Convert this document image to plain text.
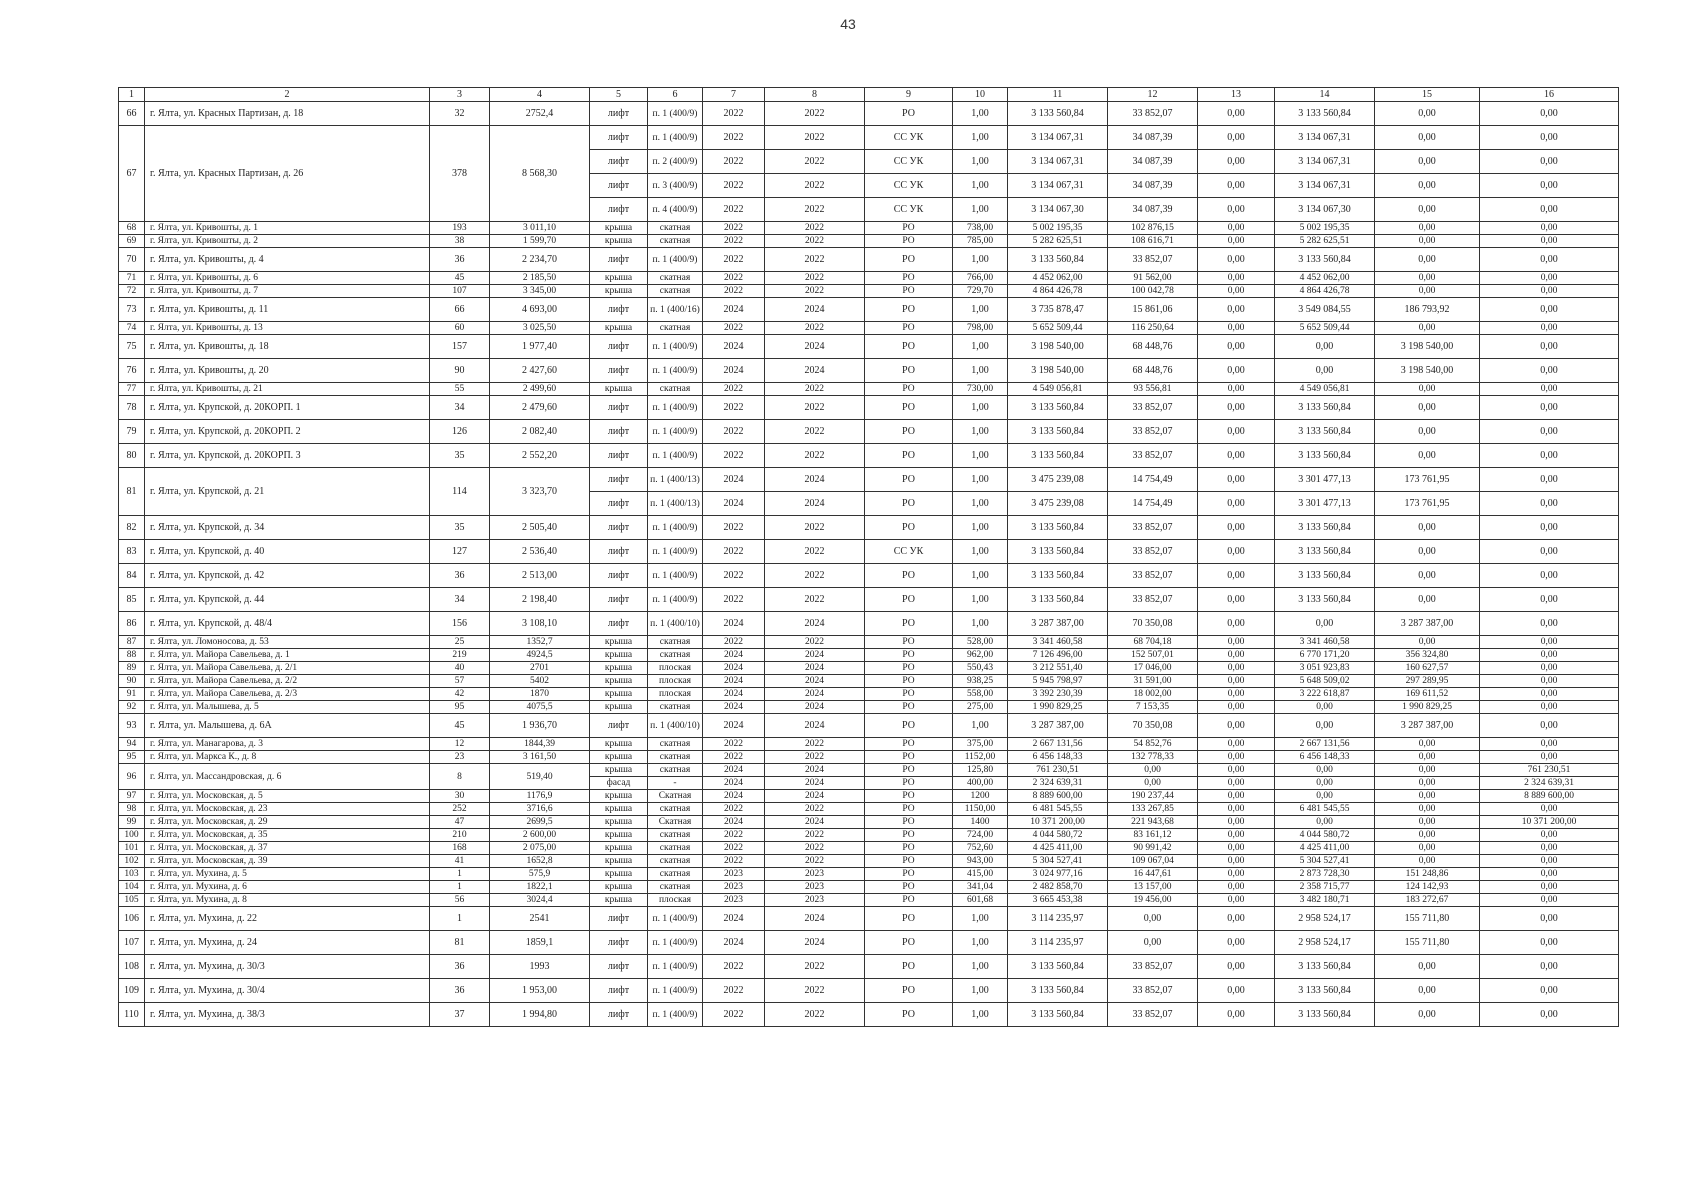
43
1	2	3	4	5	6	7	8	9	10	11	12	13	14	15	16
66	г. Ялта, ул. Красных Партизан, д. 18	32	2752,4	лифт	п. 1 (400/9)	2022	2022	РО	1,00	3 133 560,84	33 852,07	0,00	3 133 560,84	0,00	0,00
67	г. Ялта, ул. Красных Партизан, д. 26	378	8 568,30	лифт	п. 1 (400/9)	2022	2022	СС УК	1,00	3 134 067,31	34 087,39	0,00	3 134 067,31	0,00	0,00
				лифт	п. 2 (400/9)	2022	2022	СС УК	1,00	3 134 067,31	34 087,39	0,00	3 134 067,31	0,00	0,00
				лифт	п. 3 (400/9)	2022	2022	СС УК	1,00	3 134 067,31	34 087,39	0,00	3 134 067,31	0,00	0,00
				лифт	п. 4 (400/9)	2022	2022	СС УК	1,00	3 134 067,30	34 087,39	0,00	3 134 067,30	0,00	0,00
68	г. Ялта, ул. Кривошты, д. 1	193	3 011,10	крыша	скатная	2022	2022	РО	738,00	5 002 195,35	102 876,15	0,00	5 002 195,35	0,00	0,00
69	г. Ялта, ул. Кривошты, д. 2	38	1 599,70	крыша	скатная	2022	2022	РО	785,00	5 282 625,51	108 616,71	0,00	5 282 625,51	0,00	0,00
70	г. Ялта, ул. Кривошты, д. 4	36	2 234,70	лифт	п. 1 (400/9)	2022	2022	РО	1,00	3 133 560,84	33 852,07	0,00	3 133 560,84	0,00	0,00
71	г. Ялта, ул. Кривошты, д. 6	45	2 185,50	крыша	скатная	2022	2022	РО	766,00	4 452 062,00	91 562,00	0,00	4 452 062,00	0,00	0,00
72	г. Ялта, ул. Кривошты, д. 7	107	3 345,00	крыша	скатная	2022	2022	РО	729,70	4 864 426,78	100 042,78	0,00	4 864 426,78	0,00	0,00
73	г. Ялта, ул. Кривошты, д. 11	66	4 693,00	лифт	п. 1 (400/16)	2024	2024	РО	1,00	3 735 878,47	15 861,06	0,00	3 549 084,55	186 793,92	0,00
74	г. Ялта, ул. Кривошты, д. 13	60	3 025,50	крыша	скатная	2022	2022	РО	798,00	5 652 509,44	116 250,64	0,00	5 652 509,44	0,00	0,00
75	г. Ялта, ул. Кривошты, д. 18	157	1 977,40	лифт	п. 1 (400/9)	2024	2024	РО	1,00	3 198 540,00	68 448,76	0,00	0,00	3 198 540,00	0,00
76	г. Ялта, ул. Кривошты, д. 20	90	2 427,60	лифт	п. 1 (400/9)	2024	2024	РО	1,00	3 198 540,00	68 448,76	0,00	0,00	3 198 540,00	0,00
77	г. Ялта, ул. Кривошты, д. 21	55	2 499,60	крыша	скатная	2022	2022	РО	730,00	4 549 056,81	93 556,81	0,00	4 549 056,81	0,00	0,00
78	г. Ялта, ул. Крупской, д. 20КОРП. 1	34	2 479,60	лифт	п. 1 (400/9)	2022	2022	РО	1,00	3 133 560,84	33 852,07	0,00	3 133 560,84	0,00	0,00
79	г. Ялта, ул. Крупской, д. 20КОРП. 2	126	2 082,40	лифт	п. 1 (400/9)	2022	2022	РО	1,00	3 133 560,84	33 852,07	0,00	3 133 560,84	0,00	0,00
80	г. Ялта, ул. Крупской, д. 20КОРП. 3	35	2 552,20	лифт	п. 1 (400/9)	2022	2022	РО	1,00	3 133 560,84	33 852,07	0,00	3 133 560,84	0,00	0,00
81	г. Ялта, ул. Крупской, д. 21	114	3 323,70	лифт	п. 1 (400/13)	2024	2024	РО	1,00	3 475 239,08	14 754,49	0,00	3 301 477,13	173 761,95	0,00
				лифт	п. 1 (400/13)	2024	2024	РО	1,00	3 475 239,08	14 754,49	0,00	3 301 477,13	173 761,95	0,00
82	г. Ялта, ул. Крупской, д. 34	35	2 505,40	лифт	п. 1 (400/9)	2022	2022	РО	1,00	3 133 560,84	33 852,07	0,00	3 133 560,84	0,00	0,00
83	г. Ялта, ул. Крупской, д. 40	127	2 536,40	лифт	п. 1 (400/9)	2022	2022	СС УК	1,00	3 133 560,84	33 852,07	0,00	3 133 560,84	0,00	0,00
84	г. Ялта, ул. Крупской, д. 42	36	2 513,00	лифт	п. 1 (400/9)	2022	2022	РО	1,00	3 133 560,84	33 852,07	0,00	3 133 560,84	0,00	0,00
85	г. Ялта, ул. Крупской, д. 44	34	2 198,40	лифт	п. 1 (400/9)	2022	2022	РО	1,00	3 133 560,84	33 852,07	0,00	3 133 560,84	0,00	0,00
86	г. Ялта, ул. Крупской, д. 48/4	156	3 108,10	лифт	п. 1 (400/10)	2024	2024	РО	1,00	3 287 387,00	70 350,08	0,00	0,00	3 287 387,00	0,00
87	г. Ялта, ул. Ломоносова, д. 53	25	1352,7	крыша	скатная	2022	2022	РО	528,00	3 341 460,58	68 704,18	0,00	3 341 460,58	0,00	0,00
88	г. Ялта, ул. Майора Савельева, д. 1	219	4924,5	крыша	скатная	2024	2024	РО	962,00	7 126 496,00	152 507,01	0,00	6 770 171,20	356 324,80	0,00
89	г. Ялта, ул. Майора Савельева, д. 2/1	40	2701	крыша	плоская	2024	2024	РО	550,43	3 212 551,40	17 046,00	0,00	3 051 923,83	160 627,57	0,00
90	г. Ялта, ул. Майора Савельева, д. 2/2	57	5402	крыша	плоская	2024	2024	РО	938,25	5 945 798,97	31 591,00	0,00	5 648 509,02	297 289,95	0,00
91	г. Ялта, ул. Майора Савельева, д. 2/3	42	1870	крыша	плоская	2024	2024	РО	558,00	3 392 230,39	18 002,00	0,00	3 222 618,87	169 611,52	0,00
92	г. Ялта, ул. Малышева, д. 5	95	4075,5	крыша	скатная	2024	2024	РО	275,00	1 990 829,25	7 153,35	0,00	0,00	1 990 829,25	0,00
93	г. Ялта, ул. Малышева, д. 6А	45	1 936,70	лифт	п. 1 (400/10)	2024	2024	РО	1,00	3 287 387,00	70 350,08	0,00	0,00	3 287 387,00	0,00
94	г. Ялта, ул. Манагарова, д. 3	12	1844,39	крыша	скатная	2022	2022	РО	375,00	2 667 131,56	54 852,76	0,00	2 667 131,56	0,00	0,00
95	г. Ялта, ул. Маркса К., д. 8	23	3 161,50	крыша	скатная	2022	2022	РО	1152,00	6 456 148,33	132 778,33	0,00	6 456 148,33	0,00	0,00
96	г. Ялта, ул. Массандровская, д. 6	8	519,40	крыша	скатная	2024	2024	РО	125,80	761 230,51	0,00	0,00	0,00	0,00	761 230,51
				фасад	-	2024	2024	РО	400,00	2 324 639,31	0,00	0,00	0,00	0,00	2 324 639,31
97	г. Ялта, ул. Московская, д. 5	30	1176,9	крыша	Скатная	2024	2024	РО	1200	8 889 600,00	190 237,44	0,00	0,00	0,00	8 889 600,00
98	г. Ялта, ул. Московская, д. 23	252	3716,6	крыша	скатная	2022	2022	РО	1150,00	6 481 545,55	133 267,85	0,00	6 481 545,55	0,00	0,00
99	г. Ялта, ул. Московская, д. 29	47	2699,5	крыша	Скатная	2024	2024	РО	1400	10 371 200,00	221 943,68	0,00	0,00	0,00	10 371 200,00
100	г. Ялта, ул. Московская, д. 35	210	2 600,00	крыша	скатная	2022	2022	РО	724,00	4 044 580,72	83 161,12	0,00	4 044 580,72	0,00	0,00
101	г. Ялта, ул. Московская, д. 37	168	2 075,00	крыша	скатная	2022	2022	РО	752,60	4 425 411,00	90 991,42	0,00	4 425 411,00	0,00	0,00
102	г. Ялта, ул. Московская, д. 39	41	1652,8	крыша	скатная	2022	2022	РО	943,00	5 304 527,41	109 067,04	0,00	5 304 527,41	0,00	0,00
103	г. Ялта, ул. Мухина, д. 5	1	575,9	крыша	скатная	2023	2023	РО	415,00	3 024 977,16	16 447,61	0,00	2 873 728,30	151 248,86	0,00
104	г. Ялта, ул. Мухина, д. 6	1	1822,1	крыша	скатная	2023	2023	РО	341,04	2 482 858,70	13 157,00	0,00	2 358 715,77	124 142,93	0,00
105	г. Ялта, ул. Мухина, д. 8	56	3024,4	крыша	плоская	2023	2023	РО	601,68	3 665 453,38	19 456,00	0,00	3 482 180,71	183 272,67	0,00
106	г. Ялта, ул. Мухина, д. 22	1	2541	лифт	п. 1 (400/9)	2024	2024	РО	1,00	3 114 235,97	0,00	0,00	2 958 524,17	155 711,80	0,00
107	г. Ялта, ул. Мухина, д. 24	81	1859,1	лифт	п. 1 (400/9)	2024	2024	РО	1,00	3 114 235,97	0,00	0,00	2 958 524,17	155 711,80	0,00
108	г. Ялта, ул. Мухина, д. 30/3	36	1993	лифт	п. 1 (400/9)	2022	2022	РО	1,00	3 133 560,84	33 852,07	0,00	3 133 560,84	0,00	0,00
109	г. Ялта, ул. Мухина, д. 30/4	36	1 953,00	лифт	п. 1 (400/9)	2022	2022	РО	1,00	3 133 560,84	33 852,07	0,00	3 133 560,84	0,00	0,00
110	г. Ялта, ул. Мухина, д. 38/3	37	1 994,80	лифт	п. 1 (400/9)	2022	2022	РО	1,00	3 133 560,84	33 852,07	0,00	3 133 560,84	0,00	0,00
